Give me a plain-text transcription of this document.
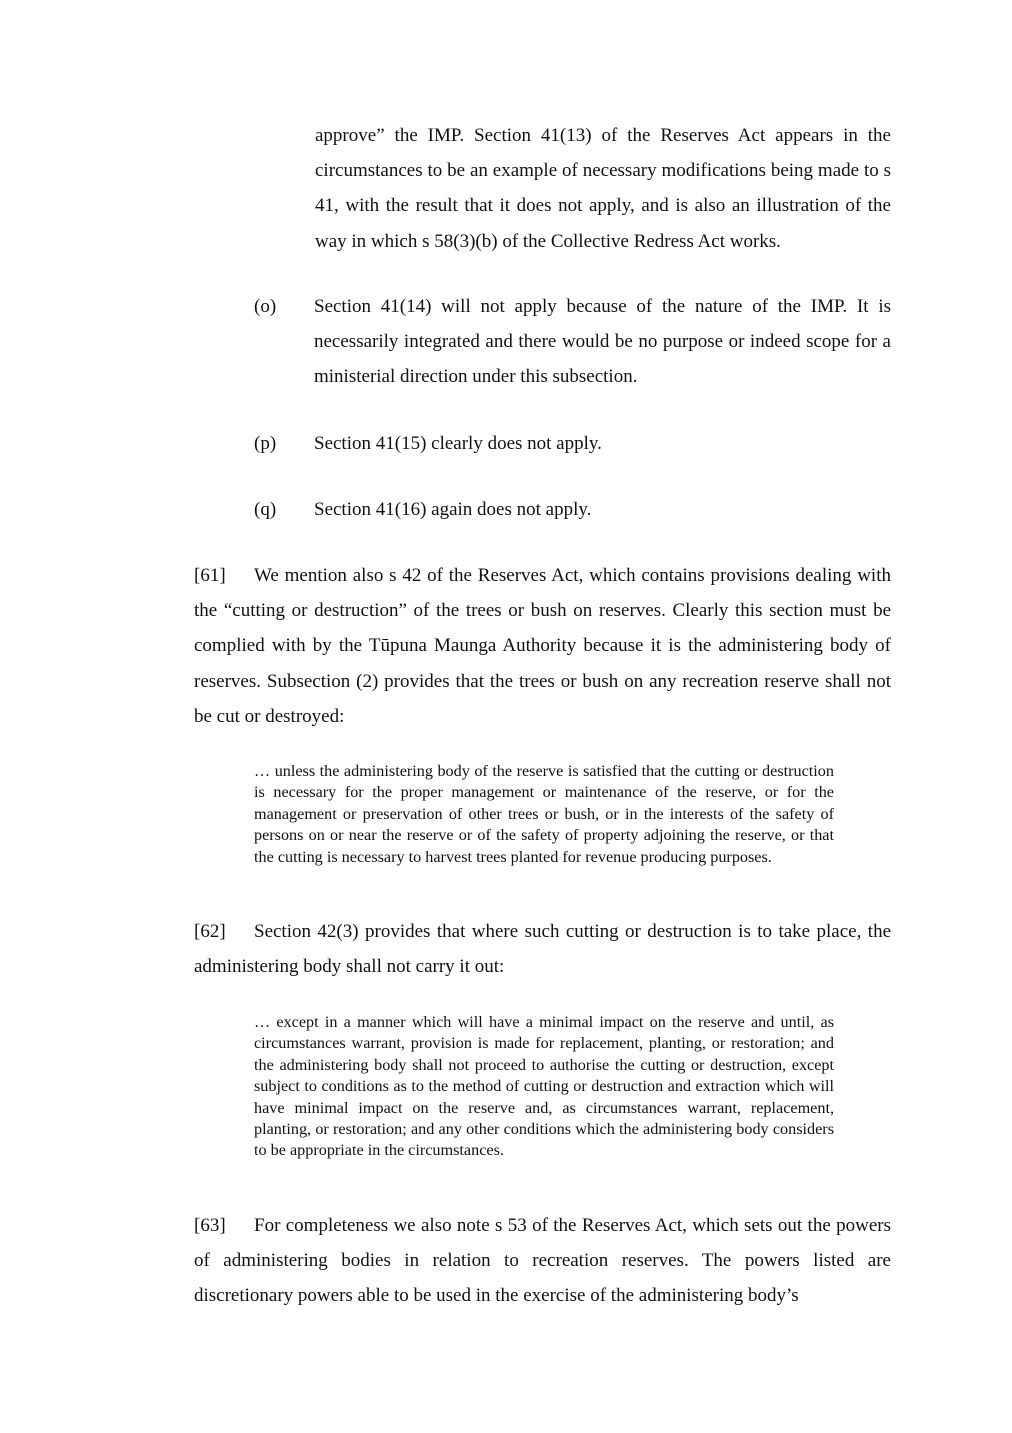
approve” the IMP. Section 41(13) of the Reserves Act appears in the circumstances to be an example of necessary modifications being made to s 41, with the result that it does not apply, and is also an illustration of the way in which s 58(3)(b) of the Collective Redress Act works.
(o)	Section 41(14) will not apply because of the nature of the IMP. It is necessarily integrated and there would be no purpose or indeed scope for a ministerial direction under this subsection.
(p)	Section 41(15) clearly does not apply.
(q)	Section 41(16) again does not apply.
[61]	We mention also s 42 of the Reserves Act, which contains provisions dealing with the “cutting or destruction” of the trees or bush on reserves. Clearly this section must be complied with by the Tūpuna Maunga Authority because it is the administering body of reserves. Subsection (2) provides that the trees or bush on any recreation reserve shall not be cut or destroyed:
… unless the administering body of the reserve is satisfied that the cutting or destruction is necessary for the proper management or maintenance of the reserve, or for the management or preservation of other trees or bush, or in the interests of the safety of persons on or near the reserve or of the safety of property adjoining the reserve, or that the cutting is necessary to harvest trees planted for revenue producing purposes.
[62]	Section 42(3) provides that where such cutting or destruction is to take place, the administering body shall not carry it out:
… except in a manner which will have a minimal impact on the reserve and until, as circumstances warrant, provision is made for replacement, planting, or restoration; and the administering body shall not proceed to authorise the cutting or destruction, except subject to conditions as to the method of cutting or destruction and extraction which will have minimal impact on the reserve and, as circumstances warrant, replacement, planting, or restoration; and any other conditions which the administering body considers to be appropriate in the circumstances.
[63]	For completeness we also note s 53 of the Reserves Act, which sets out the powers of administering bodies in relation to recreation reserves. The powers listed are discretionary powers able to be used in the exercise of the administering body’s
